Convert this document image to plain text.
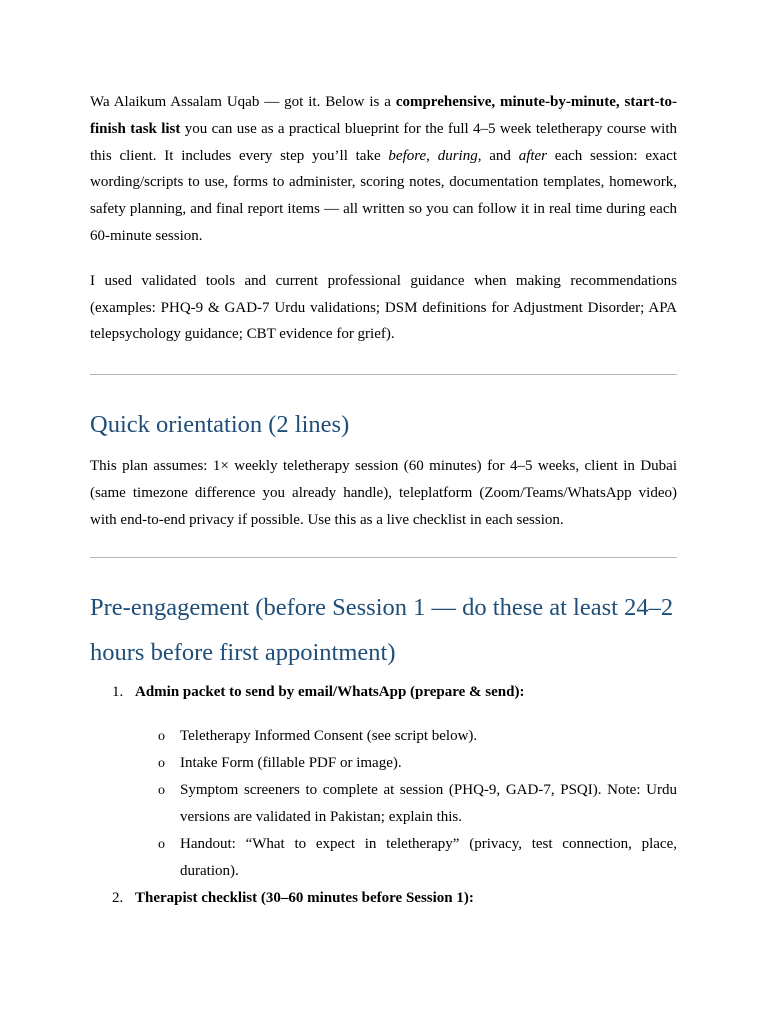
Wa Alaikum Assalam Uqab — got it. Below is a comprehensive, minute-by-minute, start-to-finish task list you can use as a practical blueprint for the full 4–5 week teletherapy course with this client. It includes every step you’ll take before, during, and after each session: exact wording/scripts to use, forms to administer, scoring notes, documentation templates, homework, safety planning, and final report items — all written so you can follow it in real time during each 60-minute session.

I used validated tools and current professional guidance when making recommendations (examples: PHQ-9 & GAD-7 Urdu validations; DSM definitions for Adjustment Disorder; APA telepsychology guidance; CBT evidence for grief).

Quick orientation (2 lines)

This plan assumes: 1× weekly teletherapy session (60 minutes) for 4–5 weeks, client in Dubai (same timezone difference you already handle), teleplatform (Zoom/Teams/WhatsApp video) with end-to-end privacy if possible. Use this as a live checklist in each session.

Pre-engagement (before Session 1 — do these at least 24–2 hours before first appointment)
1. Admin packet to send by email/WhatsApp (prepare & send):
o Teletherapy Informed Consent (see script below).
o Intake Form (fillable PDF or image).
o Symptom screeners to complete at session (PHQ-9, GAD-7, PSQI). Note: Urdu versions are validated in Pakistan; explain this.
o Handout: “What to expect in teletherapy” (privacy, test connection, place, duration).
2. Therapist checklist (30–60 minutes before Session 1):
